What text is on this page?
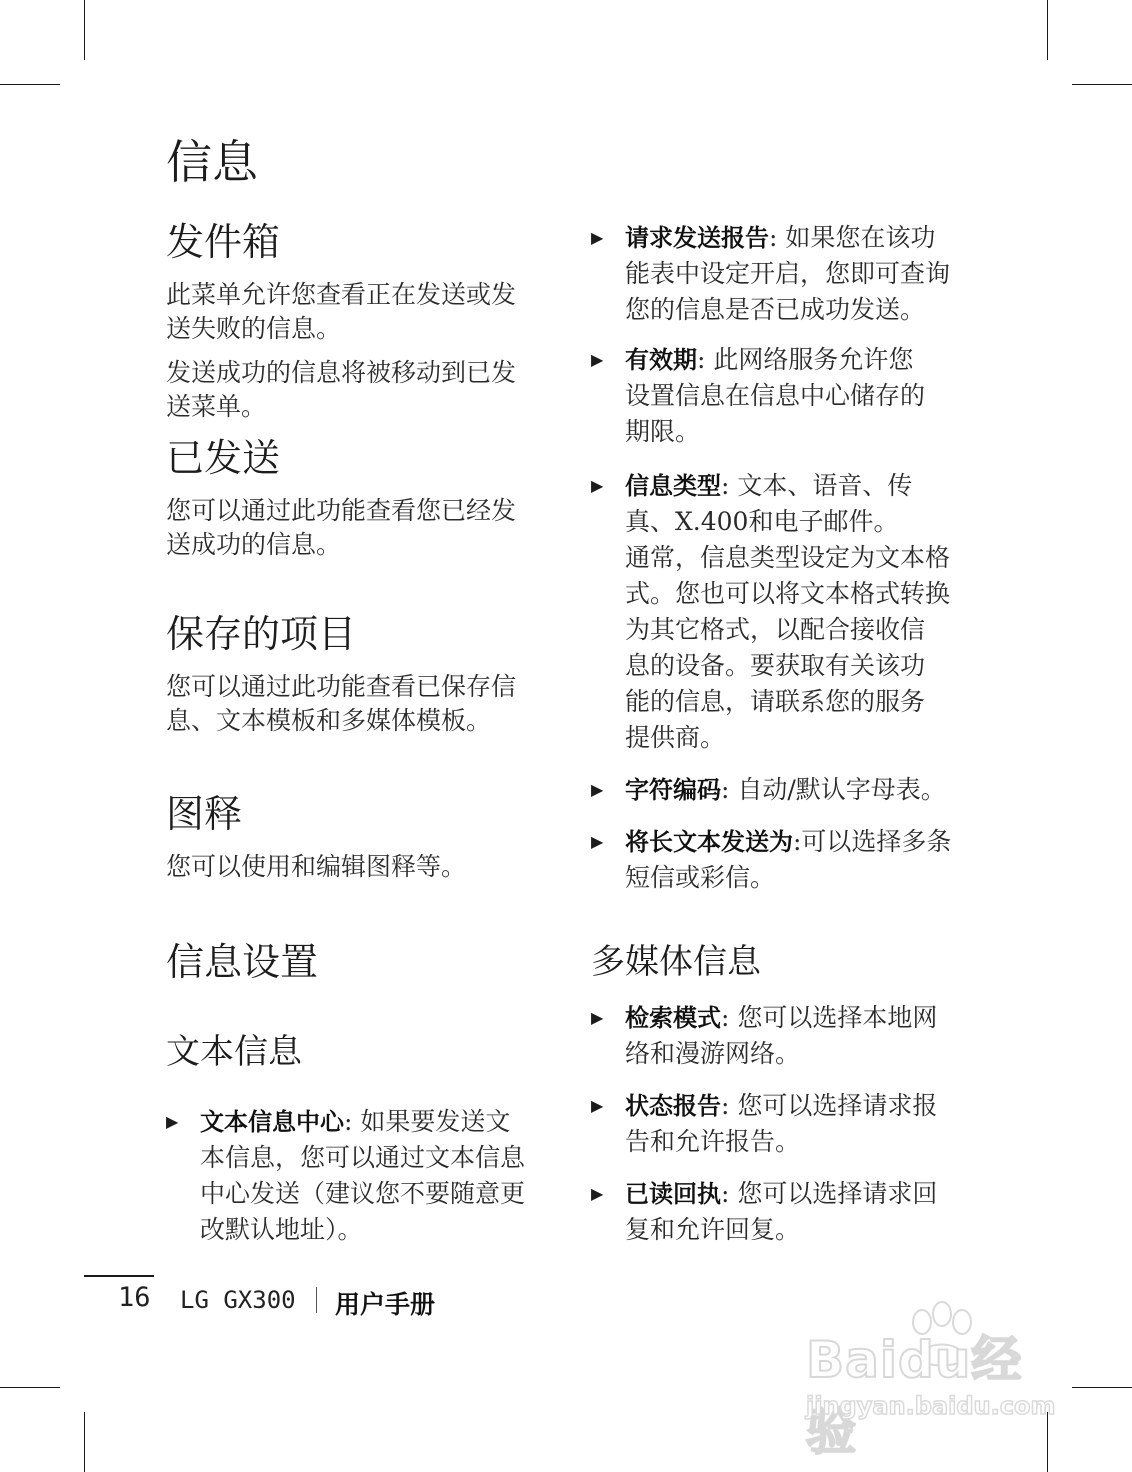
信息
发件箱
此菜单允许您查看正在发送或发
送失败的信息。
发送成功的信息将被移动到已发
送菜单。
已发送
您可以通过此功能查看您已经发
送成功的信息。
保存的项目
您可以通过此功能查看已保存信
息、文本模板和多媒体模板。
图释
您可以使用和编辑图释等。
信息设置
文本信息
▶ 文本信息中心: 如果要发送文
本信息，您可以通过文本信息
中心发送（建议您不要随意更
改默认地址）。
▶ 请求发送报告: 如果您在该功
能表中设定开启，您即可查询
您的信息是否已成功发送。
▶ 有效期: 此网络服务允许您
设置信息在信息中心储存的
期限。
▶ 信息类型: 文本、语音、传
真、X.400和电子邮件。
通常，信息类型设定为文本格
式。您也可以将文本格式转换
为其它格式，以配合接收信
息的设备。要获取有关该功
能的信息，请联系您的服务
提供商。
▶ 字符编码: 自动/默认字母表。
▶ 将长文本发送为:可以选择多条
短信或彩信。
多媒体信息
▶ 检索模式: 您可以选择本地网
络和漫游网络。
▶ 状态报告: 您可以选择请求报
告和允许报告。
▶ 已读回执: 您可以选择请求回
复和允许回复。
16 LG GX300 用户手册
Baidu经验
jingyan.baidu.com
